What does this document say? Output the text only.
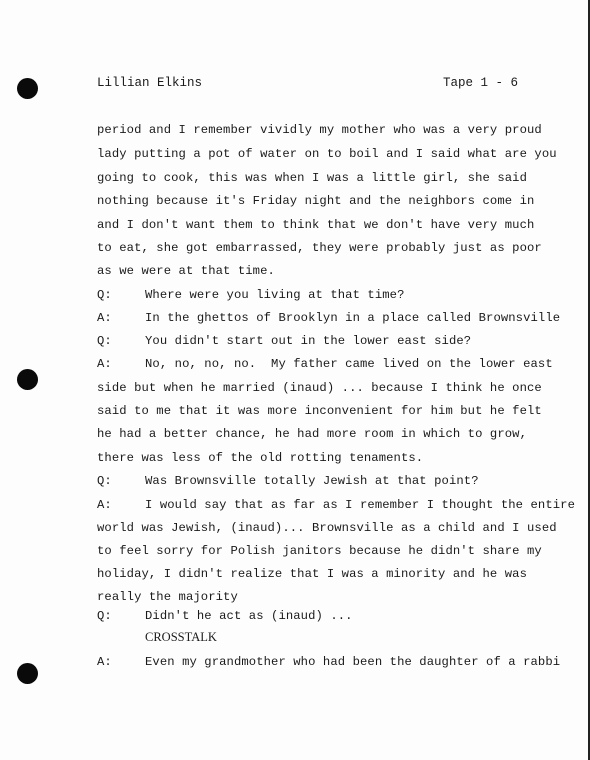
Lillian Elkins	Tape 1 - 6
period and I remember vividly my mother who was a very proud
lady putting a pot of water on to boil and I said what are you
going to cook, this was when I was a little girl, she said
nothing because it's Friday night and the neighbors come in
and I don't want them to think that we don't have very much
to eat, she got embarrassed, they were probably just as poor
as we were at that time.
Q:	Where were you living at that time?
A:	In the ghettos of Brooklyn in a place called Brownsville
Q:	You didn't start out in the lower east side?
A:	No, no, no, no.  My father came lived on the lower east
side but when he married (inaud) ... because I think he once
said to me that it was more inconvenient for him but he felt
he had a better chance, he had more room in which to grow,
there was less of the old rotting tenaments.
Q:	Was Brownsville totally Jewish at that point?
A:	I would say that as far as I remember I thought the entire
world was Jewish, (inaud)... Brownsville as a child and I used
to feel sorry for Polish janitors because he didn't share my
holiday, I didn't realize that I was a minority and he was
really the majority
Q:	Didn't he act as (inaud) ...
CROSSTALK
A:	Even my grandmother who had been the daughter of a rabbi
